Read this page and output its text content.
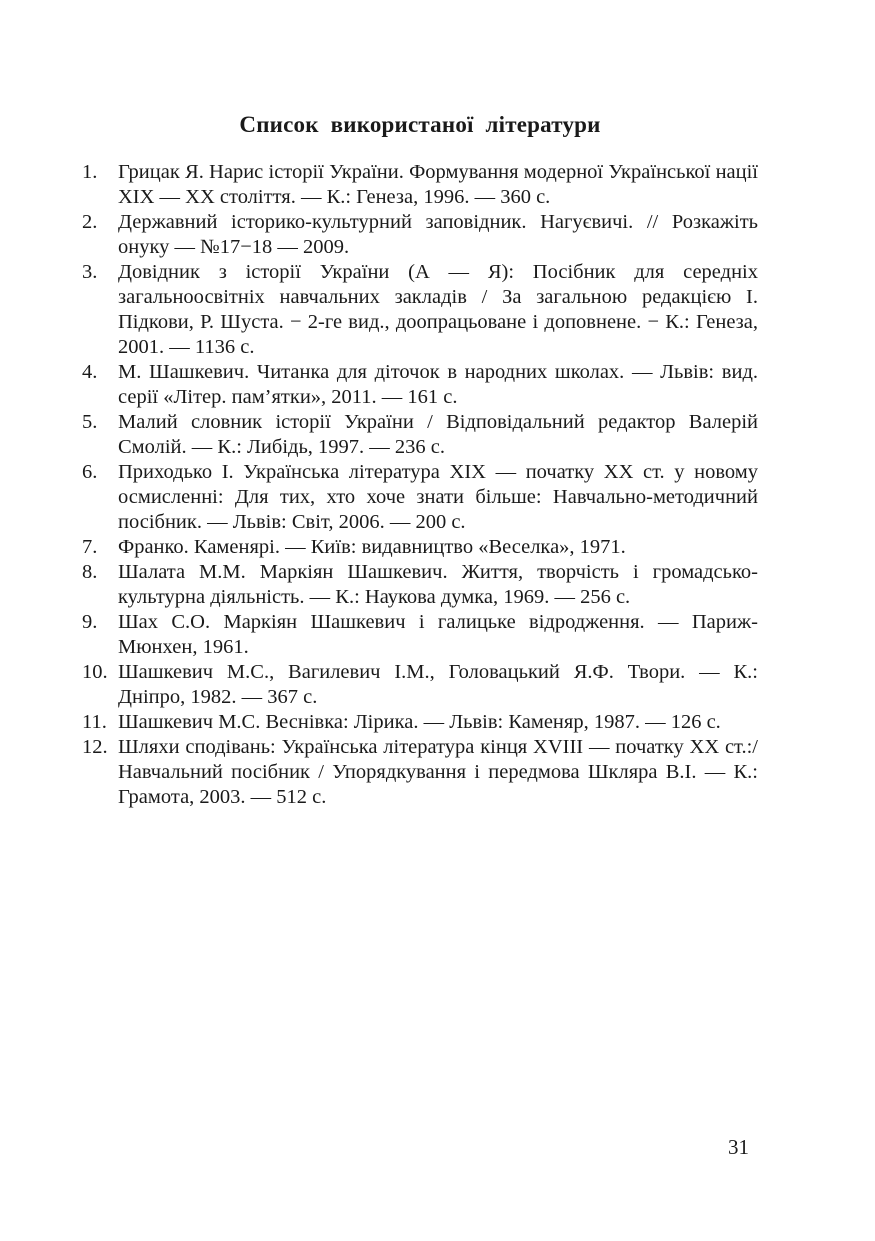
Список використаної літератури
1. Грицак Я. Нарис історії України. Формування модерної Української нації XIX — XX століття. — К.: Генеза, 1996. — 360 с.
2. Державний історико-культурний заповідник. Нагуєвичі. // Розкажіть онуку — №17−18 — 2009.
3. Довідник з історії України (А — Я): Посібник для середніх загальноосвітніх навчальних закладів / За загальною редакцією І. Підкови, Р. Шуста. − 2-ге вид., доопрацьоване і доповнене. − К.: Генеза, 2001. — 1136 с.
4. М. Шашкевич. Читанка для діточок в народних школах. — Львів: вид. серії «Літер. пам’ятки», 2011. — 161 с.
5. Малий словник історії України / Відповідальний редактор Валерій Смолій. — К.: Либідь, 1997. — 236 с.
6. Приходько І. Українська література XIX — початку XX ст. у новому осмисленні: Для тих, хто хоче знати більше: Навчально-методичний посібник. — Львів: Світ, 2006. — 200 с.
7. Франко. Каменярі. — Київ: видавництво «Веселка», 1971.
8. Шалата М.М. Маркіян Шашкевич. Життя, творчість і громадсько-культурна діяльність. — К.: Наукова думка, 1969. — 256 с.
9. Шах С.О. Маркіян Шашкевич і галицьке відродження. — Париж-Мюнхен, 1961.
10. Шашкевич М.С., Вагилевич І.М., Головацький Я.Ф. Твори. — К.: Дніпро, 1982. — 367 с.
11. Шашкевич М.С. Веснівка: Лірика. — Львів: Каменяр, 1987. — 126 с.
12. Шляхи сподівань: Українська література кінця XVIII — початку XX ст.:/ Навчальний посібник / Упорядкування і передмова Шкляра В.І. — К.: Грамота, 2003. — 512 с.
31
